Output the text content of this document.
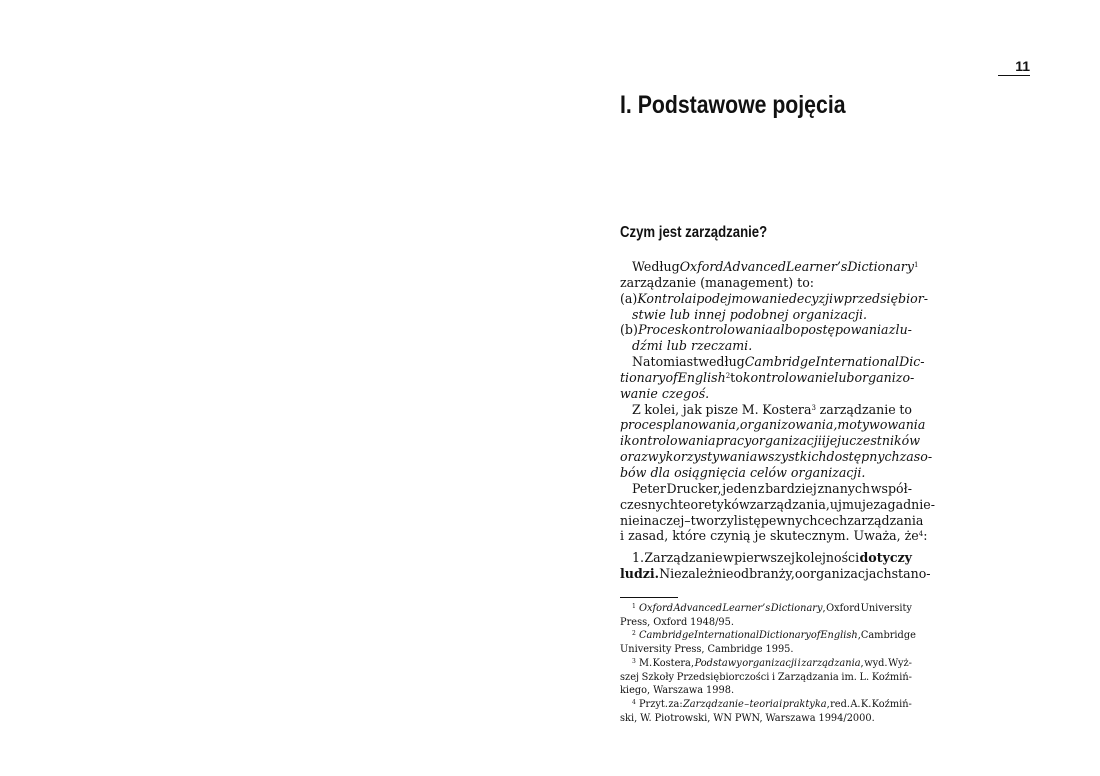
11
I. Podstawowe pojęcia
Czym jest zarządzanie?
Według Oxford Advanced Learner’s Dictionary$^1$
zarządzanie (management) to:
(a) Kontrola i podejmowanie decyzji w przedsiębior-
stwie lub innej podobnej organizacji.
(b) Proces kontrolowania albo postępowania z lu-
dźmi lub rzeczami.
Natomiast według Cambridge International Dic-
tionary of English$^2$ to kontrolowanie lub organizo-
wanie czegoś.
Z kolei, jak pisze M. Kostera$^3$ zarządzanie to
proces planowania, organizowania, motywowania
i kontrolowania pracy organizacji i jej uczestników
oraz wykorzystywania wszystkich dostępnych zaso-
bów dla osiągnięcia celów organizacji.
Peter Drucker, jeden z bardziej znanych współ-
czesnych teoretyków zarządzania, ujmuje zagadnie-
nie inaczej – tworzy listę pewnych cech zarządzania
i zasad, które czynią je skutecznym. Uważa, $że^4$:
1. Zarządzanie w pierwszej kolejności dotyczy
ludzi. Niezależnie od branży, o organizacjach stano-
$^1$ Oxford Advanced Learner’s Dictionary, Oxford University
Press, Oxford 1948/95.
$^2$ Cambridge International Dictionary of English, Cambridge
University Press, Cambridge 1995.
$^3$ M. Kostera, Podstawy organizacji i zarządzania, wyd. Wyż-
szej Szkoły Przedsiębiorczości i Zarządzania im. L. Koźmiń-
kiego, Warszawa 1998.
$^4$ Przyt. za: Zarządzanie – teoria i praktyka, red. A. K. Koźmiń-
ski, W. Piotrowski, WN PWN, Warszawa 1994/2000.
